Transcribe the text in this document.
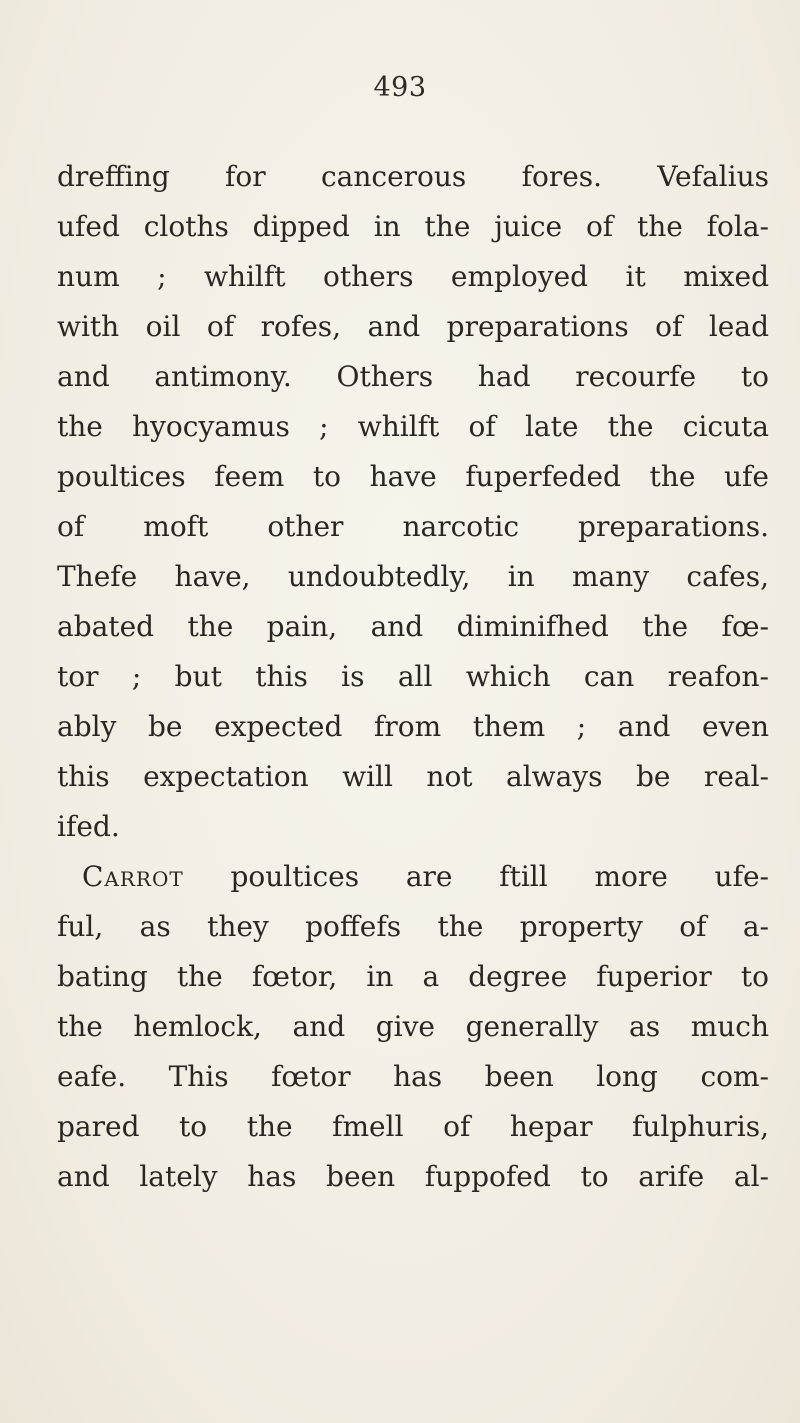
493
dreffing for cancerous fores. Vefalius
ufed cloths dipped in the juice of the fola-
num ; whilft others employed it mixed
with oil of rofes, and preparations of lead
and antimony. Others had recourfe to
the hyocyamus ; whilft of late the cicuta
poultices feem to have fuperfeded the ufe
of moft other narcotic preparations.
Thefe have, undoubtedly, in many cafes,
abated the pain, and diminifhed the fœ-
tor ; but this is all which can reafon-
ably be expected from them ; and even
this expectation will not always be real-
ifed.
Carrot poultices are ftill more ufe-
ful, as they poffefs the property of a-
bating the fœtor, in a degree fuperior to
the hemlock, and give generally as much
eafe. This fœtor has been long com-
pared to the fmell of hepar fulphuris,
and lately has been fuppofed to arife al-
